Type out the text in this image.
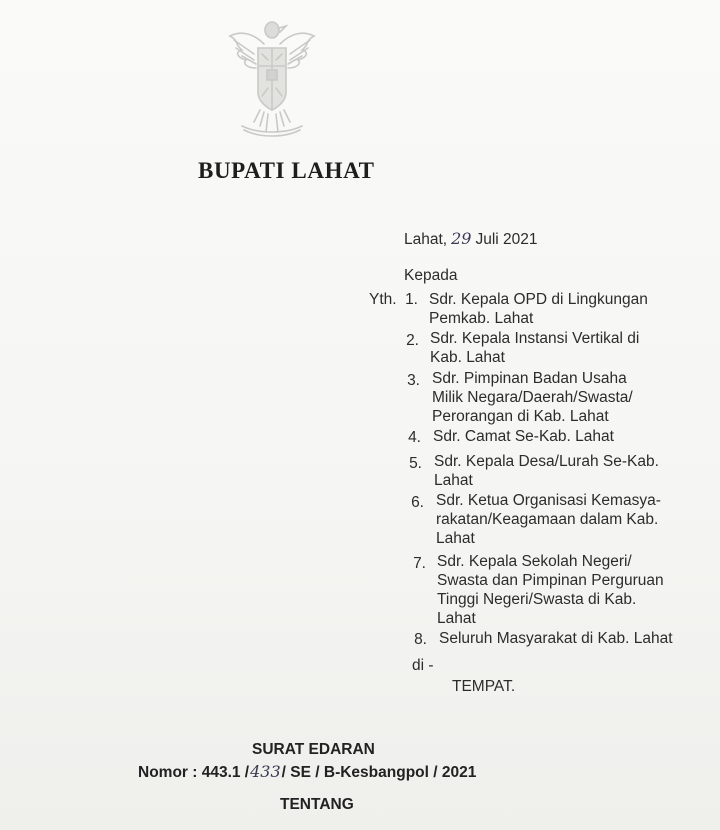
BUPATI LAHAT
Lahat, 29 Juli 2021
Kepada
Yth. 1. Sdr. Kepala OPD di Lingkungan
Pemkab. Lahat
2. Sdr. Kepala Instansi Vertikal di
Kab. Lahat
3. Sdr. Pimpinan Badan Usaha
Milik Negara/Daerah/Swasta/
Perorangan di Kab. Lahat
4. Sdr. Camat Se-Kab. Lahat
5. Sdr. Kepala Desa/Lurah Se-Kab.
Lahat
6. Sdr. Ketua Organisasi Kemasya-
rakatan/Keagamaan dalam Kab.
Lahat
7. Sdr. Kepala Sekolah Negeri/
Swasta dan Pimpinan Perguruan
Tinggi Negeri/Swasta di Kab.
Lahat
8. Seluruh Masyarakat di Kab. Lahat
di -
TEMPAT.
SURAT EDARAN
Nomor : 443.1 /433/ SE / B-Kesbangpol / 2021
TENTANG
